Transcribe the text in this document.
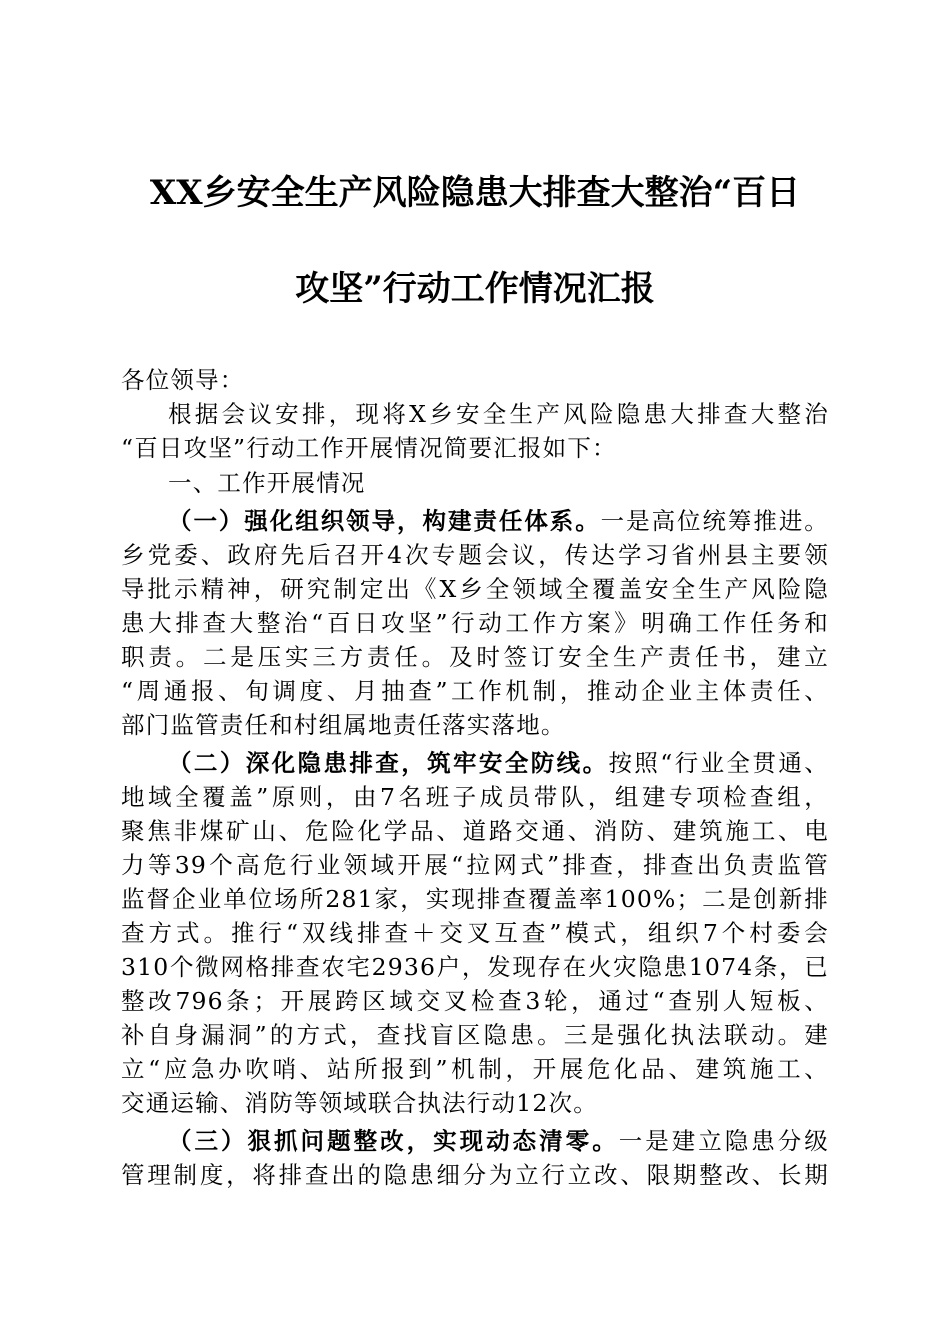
XX乡安全生产风险隐患大排查大整治“百日
攻坚”行动工作情况汇报
各位领导：
根据会议安排，现将X乡安全生产风险隐患大排查大整治
“百日攻坚”行动工作开展情况简要汇报如下：
一、工作开展情况
（一）强化组织领导，构建责任体系。一是高位统筹推进。
乡党委、政府先后召开4次专题会议，传达学习省州县主要领
导批示精神，研究制定出《X乡全领域全覆盖安全生产风险隐
患大排查大整治“百日攻坚”行动工作方案》明确工作任务和
职责。二是压实三方责任。及时签订安全生产责任书，建立
“周通报、旬调度、月抽查”工作机制，推动企业主体责任、
部门监管责任和村组属地责任落实落地。
（二）深化隐患排查，筑牢安全防线。按照“行业全贯通、
地域全覆盖”原则，由7名班子成员带队，组建专项检查组，
聚焦非煤矿山、危险化学品、道路交通、消防、建筑施工、电
力等39个高危行业领域开展“拉网式”排查，排查出负责监管
监督企业单位场所281家，实现排查覆盖率100%；二是创新排
查方式。推行“双线排查＋交叉互查”模式，组织7个村委会
310个微网格排查农宅2936户，发现存在火灾隐患1074条，已
整改796条；开展跨区域交叉检查3轮，通过“查别人短板、
补自身漏洞”的方式，查找盲区隐患。三是强化执法联动。建
立“应急办吹哨、站所报到”机制，开展危化品、建筑施工、
交通运输、消防等领域联合执法行动12次。
（三）狠抓问题整改，实现动态清零。一是建立隐患分级
管理制度，将排查出的隐患细分为立行立改、限期整改、长期
